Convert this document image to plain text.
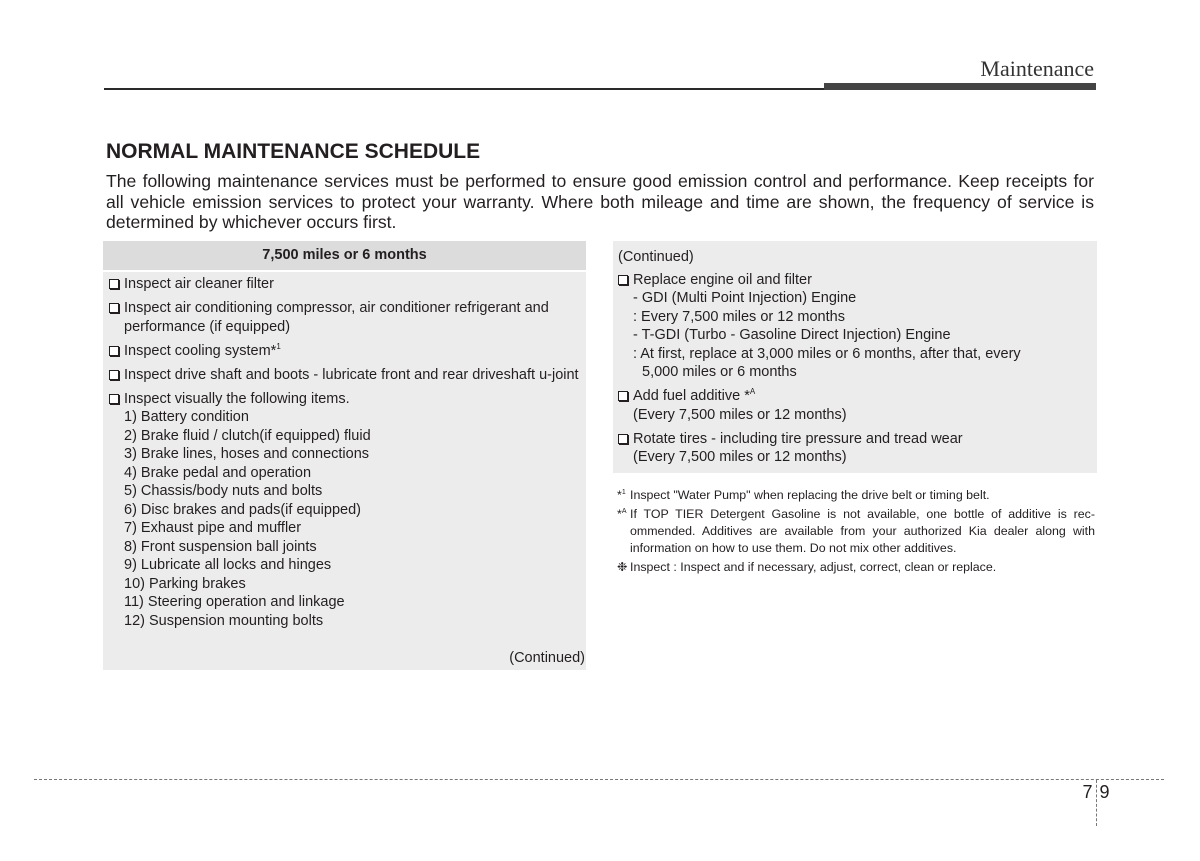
Maintenance
NORMAL MAINTENANCE SCHEDULE

The following maintenance services must be performed to ensure good emission control and performance. Keep receipts for all vehicle emission services to protect your warranty. Where both mileage and time are shown, the frequency of service is determined by whichever occurs first.

7,500 miles or 6 months
Inspect air cleaner filter
Inspect air conditioning compressor, air conditioner refrigerant and performance (if equipped)
Inspect cooling system*$^1$
Inspect drive shaft and boots - lubricate front and rear driveshaft u-joint
Inspect visually the following items.
1) Battery condition
2) Brake fluid / clutch(if equipped) fluid
3) Brake lines, hoses and connections
4) Brake pedal and operation
5) Chassis/body nuts and bolts
6) Disc brakes and pads(if equipped)
7) Exhaust pipe and muffler
8) Front suspension ball joints
9) Lubricate all locks and hinges
10) Parking brakes
11) Steering operation and linkage
12) Suspension mounting bolts
(Continued)
(Continued)
Replace engine oil and filter
- GDI (Multi Point Injection) Engine
: Every 7,500 miles or 12 months
- T-GDI (Turbo - Gasoline Direct Injection) Engine
: At first, replace at 3,000 miles or 6 months, after that, every
5,000 miles or 6 months
Add fuel additive *$^A$
(Every 7,500 miles or 12 months)
Rotate tires - including tire pressure and tread wear
(Every 7,500 miles or 12 months)
*$^1$ Inspect "Water Pump" when replacing the drive belt or timing belt.
*$^A$ If TOP TIER Detergent Gasoline is not available, one bottle of additive is recommended. Additives are available from your authorized Kia dealer along with information on how to use them. Do not mix other additives.
❉ Inspect : Inspect and if necessary, adjust, correct, clean or replace.
7 9
